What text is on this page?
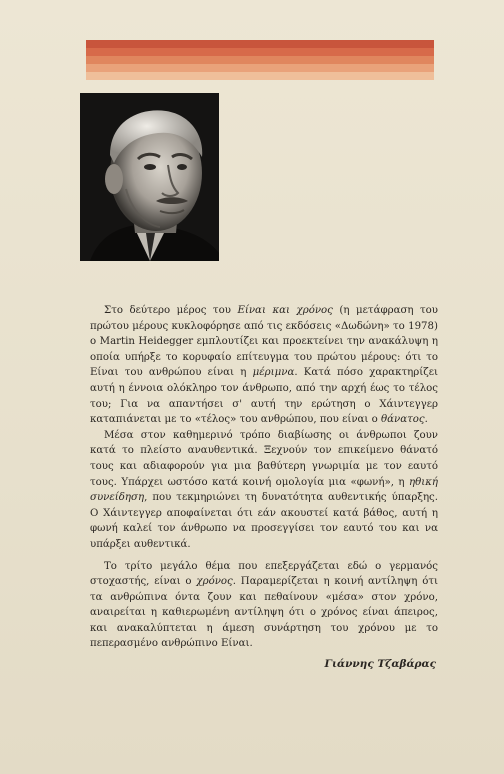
Στο δεύτερο μέρος του Είναι και χρόνος (η μετάφραση του πρώτου μέρους κυκλοφόρησε από τις εκδόσεις «Δωδώνη» το 1978) ο Martin Heidegger εμπλουτίζει και προεκτείνει την ανακάλυψη η οποία υπήρξε το κορυφαίο επίτευγμα του πρώτου μέρους: ότι το Είναι του ανθρώπου είναι η μέριμνα. Κατά πόσο χαρακτηρίζει αυτή η έννοια ολόκληρο τον άνθρωπο, από την αρχή έως το τέλος του; Για να απαντήσει σ' αυτή την ερώτηση ο Χάιντεγγερ καταπιάνεται με το «τέλος» του ανθρώπου, που είναι ο θάνατος.

Μέσα στον καθημερινό τρόπο διαβίωσης οι άνθρωποι ζουν κατά το πλείστο αναυθεντικά. Ξεχνούν τον επικείμενο θάνατό τους και αδιαφορούν για μια βαθύτερη γνωριμία με τον εαυτό τους. Υπάρχει ωστόσο κατά κοινή ομολογία μια «φωνή», η ηθική συνείδηση, που τεκμηριώνει τη δυνατότητα αυθεντικής ύπαρξης. Ο Χάιντεγγερ αποφαίνεται ότι εάν ακουστεί κατά βάθος, αυτή η φωνή καλεί τον άνθρωπο να προσεγγίσει τον εαυτό του και να υπάρξει αυθεντικά.

Το τρίτο μεγάλο θέμα που επεξεργάζεται εδώ ο γερμανός στοχαστής, είναι ο χρόνος. Παραμερίζεται η κοινή αντίληψη ότι τα ανθρώπινα όντα ζουν και πεθαίνουν «μέσα» στον χρόνο, αναιρείται η καθιερωμένη αντίληψη ότι ο χρόνος είναι άπειρος, και ανακαλύπτεται η άμεση συνάρτηση του χρόνου με το πεπερασμένο ανθρώπινο Είναι.

Γιάννης Τζαβάρας
